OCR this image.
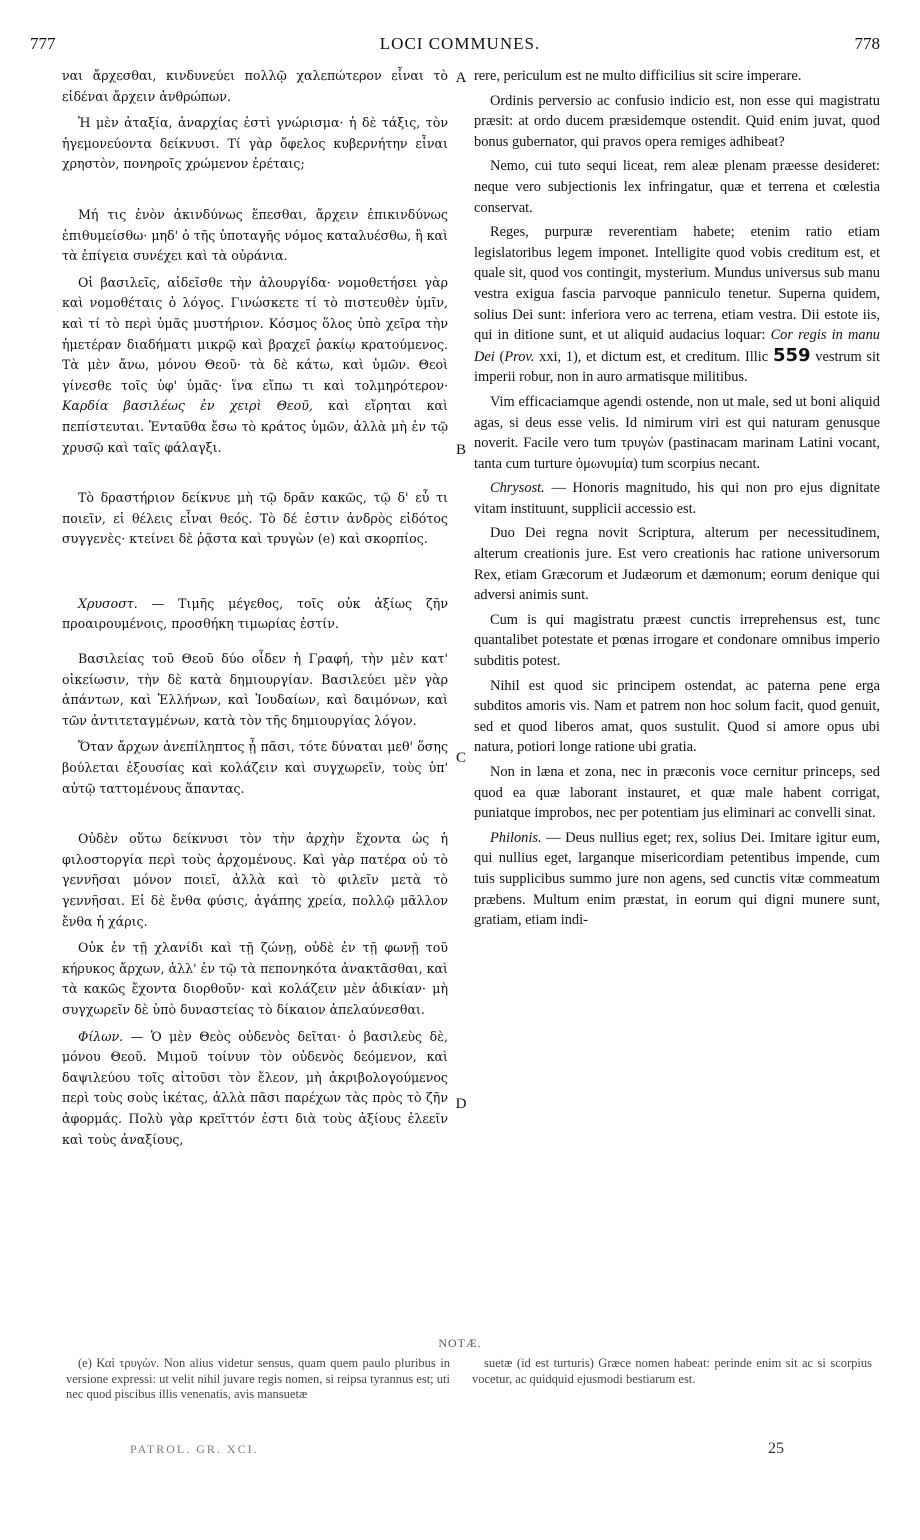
777	LOCI COMMUNES.	778
A
B
C
D

ναι ἄρχεσθαι, κινδυνεύει πολλῷ χαλεπώτερον εἶναι τὸ εἰδέναι ἄρχειν ἀνθρώπων.

Ἡ μὲν ἀταξία, ἀναρχίας ἐστὶ γνώρισμα· ἡ δὲ τάξις, τὸν ἡγεμονεύοντα δείκνυσι. Τί γὰρ ὄφελος κυβερνήτην εἶναι χρηστὸν, πονηροῖς χρώμενον ἐρέταις;

Μή τις ἑνὸν ἀκινδύνως ἕπεσθαι, ἄρχειν ἐπικινδύνως ἐπιθυμείσθω· μηδ' ὁ τῆς ὑποταγῆς νόμος καταλυέσθω, ἢ καὶ τὰ ἐπίγεια συνέχει καὶ τὰ οὐράνια.

Οἱ βασιλεῖς, αἰδεῖσθε τὴν ἁλουργίδα· νομοθετήσει γὰρ καὶ νομοθέταις ὁ λόγος. Γινώσκετε τί τὸ πιστευθὲν ὑμῖν, καὶ τί τὸ περὶ ὑμᾶς μυστήριον. Κόσμος ὅλος ὑπὸ χεῖρα τὴν ἡμετέραν διαδήματι μικρῷ καὶ βραχεῖ ῥακίῳ κρατούμενος. Τὰ μὲν ἄνω, μόνου Θεοῦ· τὰ δὲ κάτω, καὶ ὑμῶν. Θεοὶ γίνεσθε τοῖς ὑφ' ὑμᾶς· ἵνα εἴπω τι καὶ τολμηρότερον· Καρδία βασιλέως ἐν χειρὶ Θεοῦ, καὶ εἴρηται καὶ πεπίστευται. Ἐνταῦθα ἔσω τὸ κράτος ὑμῶν, ἀλλὰ μὴ ἐν τῷ χρυσῷ καὶ ταῖς φάλαγξι.

Τὸ δραστήριον δείκνυε μὴ τῷ δρᾶν κακῶς, τῷ δ' εὖ τι ποιεῖν, εἰ θέλεις εἶναι θεός. Τὸ δέ ἐστιν ἀνδρὸς εἰδότος συγγενὲς· κτείνει δὲ ῥᾷστα καὶ τρυγὼν (e) καὶ σκορπίος.

Χρυσοστ. — Τιμῆς μέγεθος, τοῖς οὐκ ἀξίως ζῆν προαιρουμένοις, προσθήκη τιμωρίας ἐστίν.

Βασιλείας τοῦ Θεοῦ δύο οἶδεν ἡ Γραφή, τὴν μὲν κατ' οἰκείωσιν, τὴν δὲ κατὰ δημιουργίαν. Βασιλεύει μὲν γὰρ ἁπάντων, καὶ Ἑλλήνων, καὶ Ἰουδαίων, καὶ δαιμόνων, καὶ τῶν ἀντιτεταγμένων, κατὰ τὸν τῆς δημιουργίας λόγον.

Ὅταν ἄρχων ἀνεπίληπτος ᾖ πᾶσι, τότε δύναται μεθ' ὅσης βούλεται ἐξουσίας καὶ κολάζειν καὶ συγχωρεῖν, τοὺς ὑπ' αὐτῷ ταττομένους ἅπαντας.

Οὐδὲν οὕτω δείκνυσι τὸν τὴν ἀρχὴν ἔχοντα ὡς ἡ φιλοστοργία περὶ τοὺς ἀρχομένους. Καὶ γὰρ πατέρα οὐ τὸ γεννῆσαι μόνον ποιεῖ, ἀλλὰ καὶ τὸ φιλεῖν μετὰ τὸ γεννῆσαι. Εἰ δὲ ἔνθα φύσις, ἀγάπης χρεία, πολλῷ μᾶλλον ἔνθα ἡ χάρις.

Οὐκ ἐν τῇ χλανίδι καὶ τῇ ζώνῃ, οὐδὲ ἐν τῇ φωνῇ τοῦ κήρυκος ἄρχων, ἀλλ' ἐν τῷ τὰ πεπονηκότα ἀνακτᾶσθαι, καὶ τὰ κακῶς ἔχοντα διορθοῦν· καὶ κολάζειν μὲν ἀδικίαν· μὴ συγχωρεῖν δὲ ὑπὸ δυναστείας τὸ δίκαιον ἀπελαύνεσθαι.

Φίλων. — Ὁ μὲν Θεὸς οὐδενὸς δεῖται· ὁ βασιλεὺς δὲ, μόνου Θεοῦ. Μιμοῦ τοίνυν τὸν οὐδενὸς δεόμενον, καὶ δαψιλεύου τοῖς αἰτοῦσι τὸν ἔλεον, μὴ ἀκριβολογούμενος περὶ τοὺς σοὺς ἱκέτας, ἀλλὰ πᾶσι παρέχων τὰς πρὸς τὸ ζῆν ἀφορμάς. Πολὺ γὰρ κρεῖττόν ἐστι διὰ τοὺς ἀξίους ἐλεεῖν καὶ τοὺς ἀναξίους,

rere, periculum est ne multo difficilius sit scire imperare.

Ordinis perversio ac confusio indicio est, non esse qui magistratu præsit: at ordo ducem præsidemque ostendit. Quid enim juvat, quod bonus gubernator, qui pravos opera remiges adhibeat?

Nemo, cui tuto sequi liceat, rem aleæ plenam præesse desideret: neque vero subjectionis lex infringatur, quæ et terrena et cœlestia conservat.

Reges, purpuræ reverentiam habete; etenim ratio etiam legislatoribus legem imponet. Intelligite quod vobis creditum est, et quale sit, quod vos contingit, mysterium. Mundus universus sub manu vestra exigua fascia parvoque panniculo tenetur. Superna quidem, solius Dei sunt: inferiora vero ac terrena, etiam vestra. Dii estote iis, qui in ditione sunt, et ut aliquid audacius loquar: Cor regis in manu Dei (Prov. xxi, 1), et dictum est, et creditum. Illic 559 vestrum sit imperii robur, non in auro armatisque militibus.

Vim efficaciamque agendi ostende, non ut male, sed ut boni aliquid agas, si deus esse velis. Id nimirum viri est qui naturam genusque noverit. Facile vero tum τρυγὼν (pastinacam marinam Latini vocant, tanta cum turture ὁμωνυμία) tum scorpius necant.

Chrysost. — Honoris magnitudo, his qui non pro ejus dignitate vitam instituunt, supplicii accessio est.

Duo Dei regna novit Scriptura, alterum per necessitudinem, alterum creationis jure. Est vero creationis hac ratione universorum Rex, etiam Græcorum et Judæorum et dæmonum; eorum denique qui adversi animis sunt.

Cum is qui magistratu præest cunctis irreprehensus est, tunc quantalibet potestate et pœnas irrogare et condonare omnibus imperio subditis potest.

Nihil est quod sic principem ostendat, ac paterna pene erga subditos amoris vis. Nam et patrem non hoc solum facit, quod genuit, sed et quod liberos amat, quos sustulit. Quod si amore opus ubi natura, potiori longe ratione ubi gratia.

Non in læna et zona, nec in præconis voce cernitur princeps, sed quod ea quæ laborant instauret, et quæ male habent corrigat, puniatque improbos, nec per potentiam jus eliminari ac convelli sinat.

Philonis. — Deus nullius eget; rex, solius Dei. Imitare igitur eum, qui nullius eget, larganque misericordiam petentibus impende, cum tuis supplicibus summo jure non agens, sed cunctis vitæ commeatum præbens. Multum enim præstat, in eorum qui digni munere sunt, gratiam, etiam indi-

NOTÆ.

(e) Καὶ τρυγὼν. Non alius videtur sensus, quam quem paulo pluribus in versione expressi: ut velit nihil juvare regis nomen, si reipsa tyrannus est; uti nec quod piscibus illis venenatis, avis mansuetæ

suetæ (id est turturis) Græce nomen habeat: perinde enim sit ac si scorpius vocetur, ac quidquid ejusmodi bestiarum est.

PATROL. GR. XCI.	25
